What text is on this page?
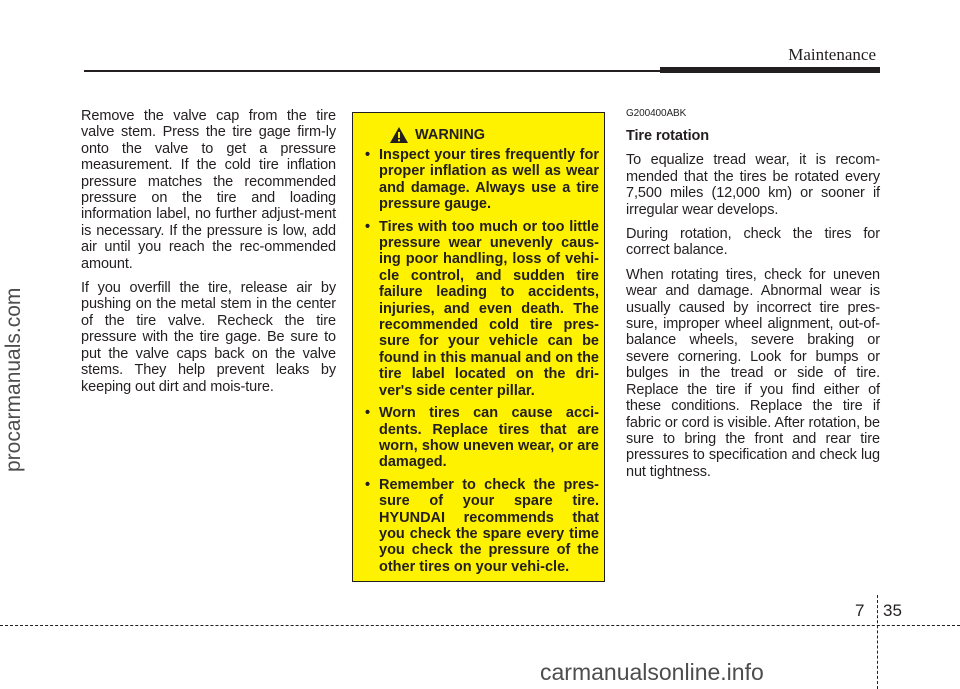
Maintenance
procarmanuals.com

Remove the valve cap from the tire valve stem. Press the tire gage firm-ly onto the valve to get a pressure measurement. If the cold tire inflation pressure matches the recommended pressure on the tire and loading information label, no further adjust-ment is necessary. If the pressure is low, add air until you reach the rec-ommended amount.

If you overfill the tire, release air by pushing on the metal stem in the center of the tire valve. Recheck the tire pressure with the tire gage. Be sure to put the valve caps back on the valve stems. They help prevent leaks by keeping out dirt and mois-ture.

WARNING
• Inspect your tires frequently for proper inflation as well as wear and damage. Always use a tire pressure gauge.
• Tires with too much or too little pressure wear unevenly caus-ing poor handling, loss of vehi-cle control, and sudden tire failure leading to accidents, injuries, and even death. The recommended cold tire pres-sure for your vehicle can be found in this manual and on the tire label located on the dri-ver's side center pillar.
• Worn tires can cause acci-dents. Replace tires that are worn, show uneven wear, or are damaged.
• Remember to check the pres-sure of your spare tire. HYUNDAI recommends that you check the spare every time you check the pressure of the other tires on your vehi-cle.

G200400ABK

Tire rotation

To equalize tread wear, it is recom-mended that the tires be rotated every 7,500 miles (12,000 km) or sooner if irregular wear develops.

During rotation, check the tires for correct balance.

When rotating tires, check for uneven wear and damage. Abnormal wear is usually caused by incorrect tire pres-sure, improper wheel alignment, out-of-balance wheels, severe braking or severe cornering. Look for bumps or bulges in the tread or side of tire. Replace the tire if you find either of these conditions. Replace the tire if fabric or cord is visible. After rotation, be sure to bring the front and rear tire pressures to specification and check lug nut tightness.

7 35
carmanualsonline.info
